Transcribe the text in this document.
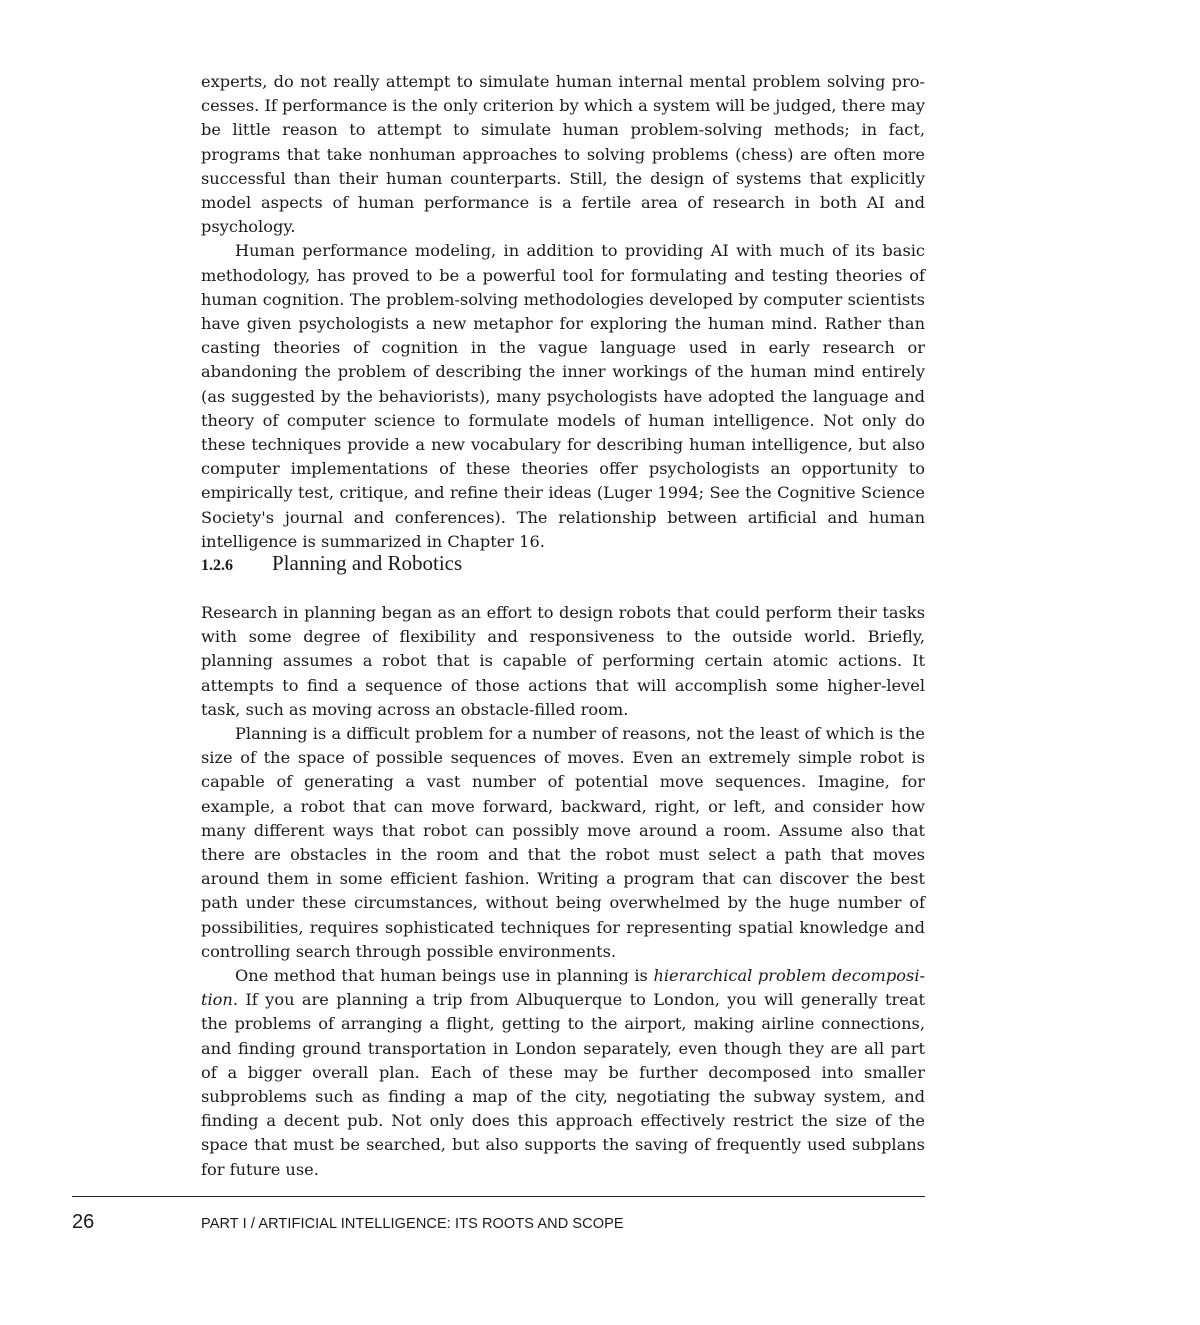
experts, do not really attempt to simulate human internal mental problem solving processes. If performance is the only criterion by which a system will be judged, there may be little reason to attempt to simulate human problem-solving methods; in fact, programs that take nonhuman approaches to solving problems (chess) are often more successful than their human counterparts. Still, the design of systems that explicitly model aspects of human performance is a fertile area of research in both AI and psychology.

Human performance modeling, in addition to providing AI with much of its basic methodology, has proved to be a powerful tool for formulating and testing theories of human cognition. The problem-solving methodologies developed by computer scientists have given psychologists a new metaphor for exploring the human mind. Rather than casting theories of cognition in the vague language used in early research or abandoning the problem of describing the inner workings of the human mind entirely (as suggested by the behaviorists), many psychologists have adopted the language and theory of computer science to formulate models of human intelligence. Not only do these techniques provide a new vocabulary for describing human intelligence, but also computer implementations of these theories offer psychologists an opportunity to empirically test, critique, and refine their ideas (Luger 1994; See the Cognitive Science Society's journal and conferences). The relationship between artificial and human intelligence is summarized in Chapter 16.

1.2.6	Planning and Robotics

Research in planning began as an effort to design robots that could perform their tasks with some degree of flexibility and responsiveness to the outside world. Briefly, planning assumes a robot that is capable of performing certain atomic actions. It attempts to find a sequence of those actions that will accomplish some higher-level task, such as moving across an obstacle-filled room.

Planning is a difficult problem for a number of reasons, not the least of which is the size of the space of possible sequences of moves. Even an extremely simple robot is capable of generating a vast number of potential move sequences. Imagine, for example, a robot that can move forward, backward, right, or left, and consider how many different ways that robot can possibly move around a room. Assume also that there are obstacles in the room and that the robot must select a path that moves around them in some efficient fashion. Writing a program that can discover the best path under these circumstances, without being overwhelmed by the huge number of possibilities, requires sophisticated techniques for representing spatial knowledge and controlling search through possible environments.

One method that human beings use in planning is hierarchical problem decomposition. If you are planning a trip from Albuquerque to London, you will generally treat the problems of arranging a flight, getting to the airport, making airline connections, and finding ground transportation in London separately, even though they are all part of a bigger overall plan. Each of these may be further decomposed into smaller subproblems such as finding a map of the city, negotiating the subway system, and finding a decent pub. Not only does this approach effectively restrict the size of the space that must be searched, but also supports the saving of frequently used subplans for future use.

26	PART I / ARTIFICIAL INTELLIGENCE: ITS ROOTS AND SCOPE
